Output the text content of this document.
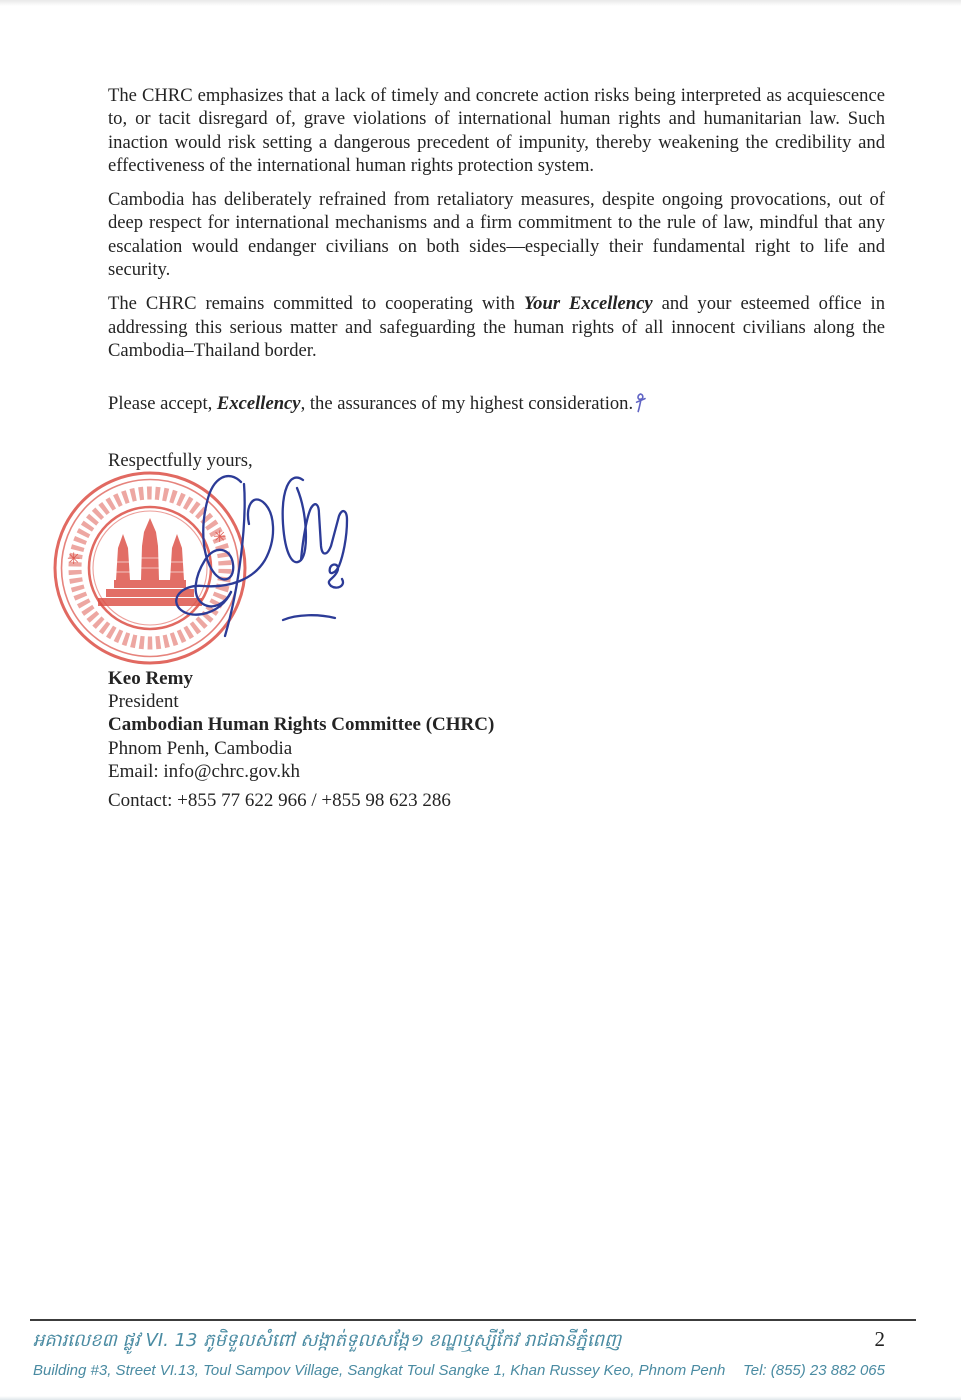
The CHRC emphasizes that a lack of timely and concrete action risks being interpreted as acquiescence to, or tacit disregard of, grave violations of international human rights and humanitarian law. Such inaction would risk setting a dangerous precedent of impunity, thereby weakening the credibility and effectiveness of the international human rights protection system.

Cambodia has deliberately refrained from retaliatory measures, despite ongoing provocations, out of deep respect for international mechanisms and a firm commitment to the rule of law, mindful that any escalation would endanger civilians on both sides—especially their fundamental right to life and security.

The CHRC remains committed to cooperating with Your Excellency and your esteemed office in addressing this serious matter and safeguarding the human rights of all innocent civilians along the Cambodia–Thailand border.

Please accept, Excellency, the assurances of my highest consideration.

Respectfully yours,

✳
✳
Keo Remy
President
Cambodian Human Rights Committee (CHRC)
Phnom Penh, Cambodia
Email: info@chrc.gov.kh
Contact: +855 77 622 966 / +855 98 623 286
អគារលេខ៣ ផ្លូវ VI. 13 ភូមិទួលសំពៅ សង្កាត់ទួលសង្កែ១ ខណ្ឌឬស្សីកែវ រាជធានីភ្នំពេញ	2
Building #3, Street VI.13, Toul Sampov Village, Sangkat Toul Sangke 1, Khan Russey Keo, Phnom Penh	Tel: (855) 23 882 065
